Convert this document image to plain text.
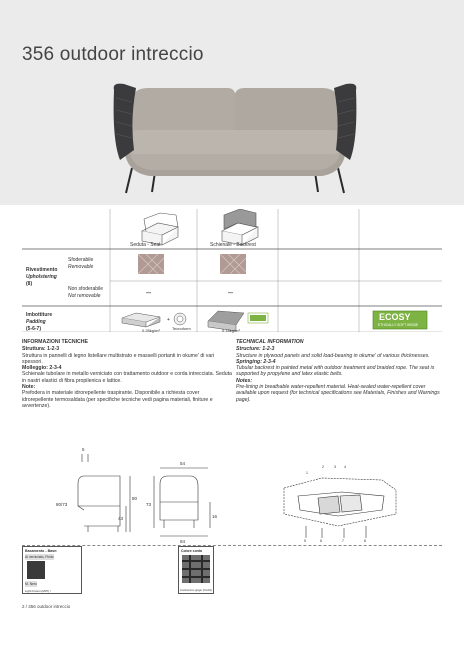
356 outdoor intreccio
+
Seduta - Seat	Schienale - Backrest
Rivestimento
Upholstering
(8)
Sfoderabile
Removable
Non sfoderabile
Not removable	–	–
Imbottiture
Padding
(5-6-7)	Tecnoform
0.28kg/m³	0.18kg/m³
ECOSY
ETHICALLY SOFT INSIDE
INFORMAZIONI TECNICHE

Struttura: 1-2-3

Struttura in pannelli di legno listellare multistrato e masselli portanti in okume' di vari spessori.

Molleggio: 2-3-4

Schienale tubolare in metallo verniciato con trattamento outdoor e corda intrecciata. Seduta in nastri elastici di fibra propilenica e lattice.

Note:

Prefodera in materiale idrorepellente traspirante. Disponibile a richiesta cover idrorepellente termosaldata (per specifiche tecniche vedi pagina materiali, finiture e avvertenze).

TECHNICAL INFORMATION

Structure: 1-2-3

Structure in plywood panels and solid load-bearing in okume' of various thicknesses.

Springing: 2-3-4

Tubular backrest in painted metal with outdoor treatment and braided rope. The seat is supported by propylene and latex elastic belts.

Notes:

Pre-lining in breathable water-repellent material. Heat-sealed water-repellent cover available upon request (for technical specifications see Materials, Finishes and Warnings page).

5
80/73
80
43
54
73
16
84
1
2	3 4
5	6	7	8
Basamento - Base:
Al verniciato, Finito
M. Nero
Light brown (M07) \
Colore corda
Cordoncino grigio (CG01)
2 / 356 outdoor intreccio
